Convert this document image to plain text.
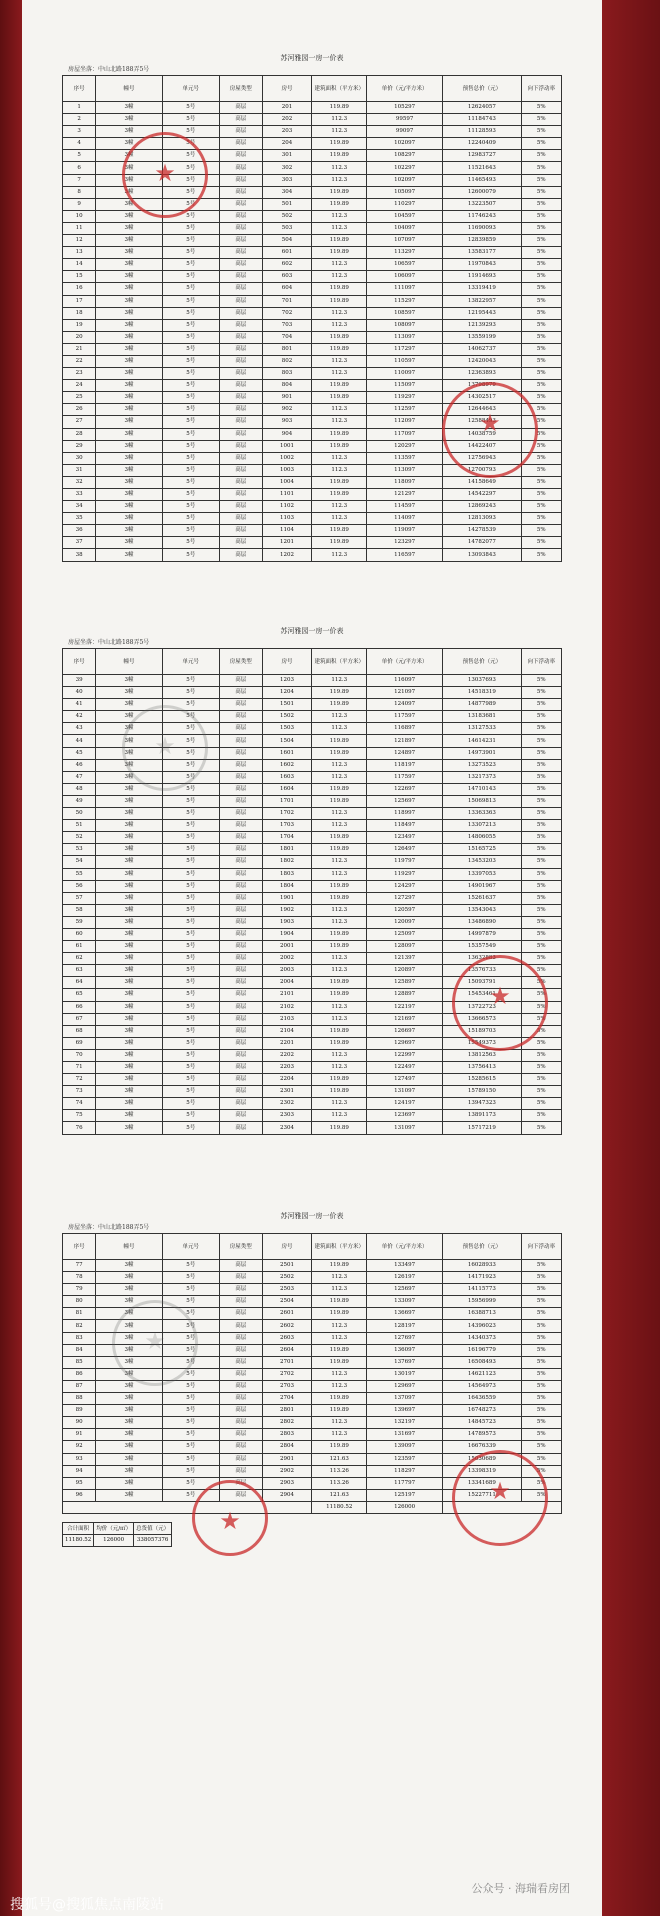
苏河雅园一房一价表
房屋坐落：中山北路188弄5号
序号	幢号	单元号	房屋类型	房号	建筑面积（平方米）	单价（元/平方米）	预售总价（元）	向下浮动率
1	3幢	5号	高层	201	119.89	105297	12624057	5%
2	3幢	5号	高层	202	112.3	99597	11184743	5%
3	3幢	5号	高层	203	112.3	99097	11128593	5%
4	3幢	5号	高层	204	119.89	102097	12240409	5%
5	3幢	5号	高层	301	119.89	108297	12983727	5%
6	3幢	5号	高层	302	112.3	102297	11521643	5%
7	3幢	5号	高层	303	112.3	102097	11465493	5%
8	3幢	5号	高层	304	119.89	105097	12600079	5%
9	3幢	5号	高层	501	119.89	110297	13223507	5%
10	3幢	5号	高层	502	112.3	104597	11746243	5%
11	3幢	5号	高层	503	112.3	104097	11690093	5%
12	3幢	5号	高层	504	119.89	107097	12839859	5%
13	3幢	5号	高层	601	119.89	113297	13583177	5%
14	3幢	5号	高层	602	112.3	106597	11970843	5%
15	3幢	5号	高层	603	112.3	106097	11914693	5%
16	3幢	5号	高层	604	119.89	111097	13319419	5%
17	3幢	5号	高层	701	119.89	115297	13822957	5%
18	3幢	5号	高层	702	112.3	108597	12195443	5%
19	3幢	5号	高层	703	112.3	108097	12139293	5%
20	3幢	5号	高层	704	119.89	113097	13559199	5%
21	3幢	5号	高层	801	119.89	117297	14062737	5%
22	3幢	5号	高层	802	112.3	110597	12420043	5%
23	3幢	5号	高层	803	112.3	110097	12363893	5%
24	3幢	5号	高层	804	119.89	115097	13798979	5%
25	3幢	5号	高层	901	119.89	119297	14302517	5%
26	3幢	5号	高层	902	112.3	112597	12644643	5%
27	3幢	5号	高层	903	112.3	112097	12588493	5%
28	3幢	5号	高层	904	119.89	117097	14038759	5%
29	3幢	5号	高层	1001	119.89	120297	14422407	5%
30	3幢	5号	高层	1002	112.3	113597	12756943	5%
31	3幢	5号	高层	1003	112.3	113097	12700793	5%
32	3幢	5号	高层	1004	119.89	118097	14158649	5%
33	3幢	5号	高层	1101	119.89	121297	14542297	5%
34	3幢	5号	高层	1102	112.3	114597	12869243	5%
35	3幢	5号	高层	1103	112.3	114097	12813093	5%
36	3幢	5号	高层	1104	119.89	119097	14278539	5%
37	3幢	5号	高层	1201	119.89	123297	14782077	5%
38	3幢	5号	高层	1202	112.3	116597	13093843	5%
★
★
苏河雅园一房一价表
房屋坐落：中山北路188弄5号
序号	幢号	单元号	房屋类型	房号	建筑面积（平方米）	单价（元/平方米）	预售总价（元）	向下浮动率
39	3幢	5号	高层	1203	112.3	116097	13037693	5%
40	3幢	5号	高层	1204	119.89	121097	14518319	5%
41	3幢	5号	高层	1501	119.89	124097	14877989	5%
42	3幢	5号	高层	1502	112.3	117597	13183681	5%
43	3幢	5号	高层	1503	112.3	116897	13127533	5%
44	3幢	5号	高层	1504	119.89	121897	14614231	5%
45	3幢	5号	高层	1601	119.89	124897	14973901	5%
46	3幢	5号	高层	1602	112.3	118197	13273523	5%
47	3幢	5号	高层	1603	112.3	117597	13217373	5%
48	3幢	5号	高层	1604	119.89	122697	14710143	5%
49	3幢	5号	高层	1701	119.89	125697	15069813	5%
50	3幢	5号	高层	1702	112.3	118997	13363363	5%
51	3幢	5号	高层	1703	112.3	118497	13307213	5%
52	3幢	5号	高层	1704	119.89	123497	14806055	5%
53	3幢	5号	高层	1801	119.89	126497	15165725	5%
54	3幢	5号	高层	1802	112.3	119797	13453203	5%
55	3幢	5号	高层	1803	112.3	119297	13397053	5%
56	3幢	5号	高层	1804	119.89	124297	14901967	5%
57	3幢	5号	高层	1901	119.89	127297	15261637	5%
58	3幢	5号	高层	1902	112.3	120597	13543043	5%
59	3幢	5号	高层	1903	112.3	120097	13486890	5%
60	3幢	5号	高层	1904	119.89	125097	14997879	5%
61	3幢	5号	高层	2001	119.89	128097	15357549	5%
62	3幢	5号	高层	2002	112.3	121397	13632883	5%
63	3幢	5号	高层	2003	112.3	120897	13576733	5%
64	3幢	5号	高层	2004	119.89	125897	15093791	5%
65	3幢	5号	高层	2101	119.89	128897	15453461	5%
66	3幢	5号	高层	2102	112.3	122197	13722723	5%
67	3幢	5号	高层	2103	112.3	121697	13666573	5%
68	3幢	5号	高层	2104	119.89	126697	15189703	5%
69	3幢	5号	高层	2201	119.89	129697	15549373	5%
70	3幢	5号	高层	2202	112.3	122997	13812563	5%
71	3幢	5号	高层	2203	112.3	122497	13756413	5%
72	3幢	5号	高层	2204	119.89	127497	15285615	5%
73	3幢	5号	高层	2301	119.89	131097	15789150	5%
74	3幢	5号	高层	2302	112.3	124197	13947323	5%
75	3幢	5号	高层	2303	112.3	123697	13891173	5%
76	3幢	5号	高层	2304	119.89	131097	15717219	5%
★
★
苏河雅园一房一价表
房屋坐落：中山北路188弄5号
序号	幢号	单元号	房屋类型	房号	建筑面积（平方米）	单价（元/平方米）	预售总价（元）	向下浮动率
77	3幢	5号	高层	2501	119.89	133497	16028933	5%
78	3幢	5号	高层	2502	112.3	126197	14171923	5%
79	3幢	5号	高层	2503	112.3	125697	14115773	5%
80	3幢	5号	高层	2504	119.89	133097	15956999	5%
81	3幢	5号	高层	2601	119.89	136697	16388713	5%
82	3幢	5号	高层	2602	112.3	128197	14396023	5%
83	3幢	5号	高层	2603	112.3	127697	14340373	5%
84	3幢	5号	高层	2604	119.89	136097	16196779	5%
85	3幢	5号	高层	2701	119.89	137697	16508493	5%
86	3幢	5号	高层	2702	112.3	130197	14621123	5%
87	3幢	5号	高层	2703	112.3	129697	14564973	5%
88	3幢	5号	高层	2704	119.89	137097	16436559	5%
89	3幢	5号	高层	2801	119.89	139697	16748273	5%
90	3幢	5号	高层	2802	112.3	132197	14845723	5%
91	3幢	5号	高层	2803	112.3	131697	14789573	5%
92	3幢	5号	高层	2804	119.89	139097	16676339	5%
93	3幢	5号	高层	2901	121.63	123597	15030689	5%
94	3幢	5号	高层	2902	113.26	118297	13398319	5%
95	3幢	5号	高层	2903	113.26	117797	13341689	5%
96	3幢	5号	高层	2904	121.63	125197	15227711	5%
					11180.52	126000		
合计面积	均价（元/㎡）	总货值（元）
11180.52	126000	338057376
★
★
★
搜狐号@搜狐焦点南陵站
公众号 · 海瑞看房团
